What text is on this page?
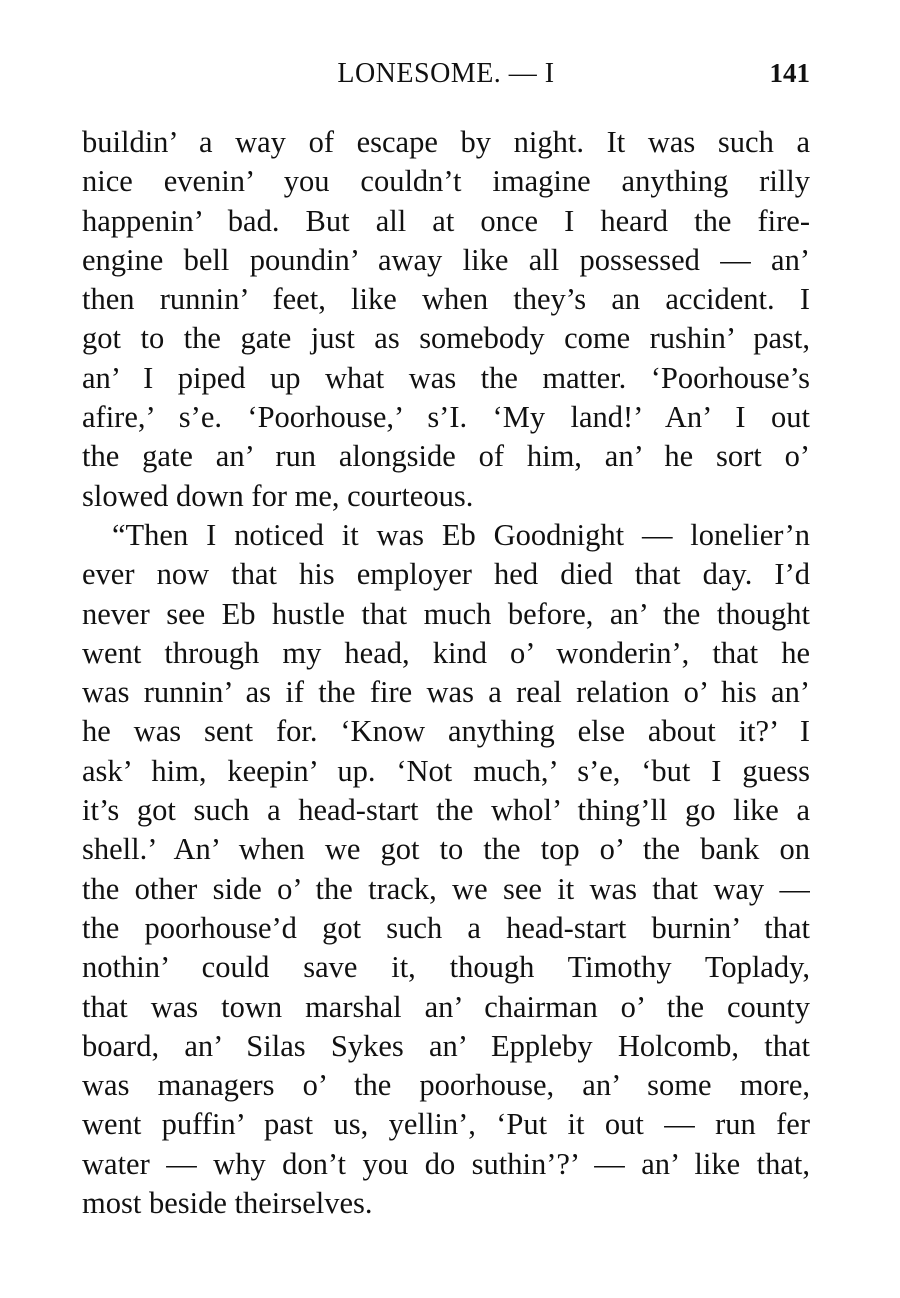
LONESOME. — I	141
buildin’ a way of escape by night. It was such a
nice evenin’ you couldn’t imagine anything rilly
happenin’ bad. But all at once I heard the fire-
engine bell poundin’ away like all possessed — an’
then runnin’ feet, like when they’s an accident. I
got to the gate just as somebody come rushin’ past,
an’ I piped up what was the matter. ‘Poorhouse’s
afire,’ s’e. ‘Poorhouse,’ s’I. ‘My land!’ An’ I out
the gate an’ run alongside of him, an’ he sort o’
slowed down for me, courteous.
“Then I noticed it was Eb Goodnight — lonelier’n
ever now that his employer hed died that day. I’d
never see Eb hustle that much before, an’ the thought
went through my head, kind o’ wonderin’, that he
was runnin’ as if the fire was a real relation o’ his an’
he was sent for. ‘Know anything else about it?’ I
ask’ him, keepin’ up. ‘Not much,’ s’e, ‘but I guess
it’s got such a head-start the whol’ thing’ll go like a
shell.’ An’ when we got to the top o’ the bank on
the other side o’ the track, we see it was that way —
the poorhouse’d got such a head-start burnin’ that
nothin’ could save it, though Timothy Toplady,
that was town marshal an’ chairman o’ the county
board, an’ Silas Sykes an’ Eppleby Holcomb, that
was managers o’ the poorhouse, an’ some more,
went puffin’ past us, yellin’, ‘Put it out — run fer
water — why don’t you do suthin’?’ — an’ like that,
most beside theirselves.
